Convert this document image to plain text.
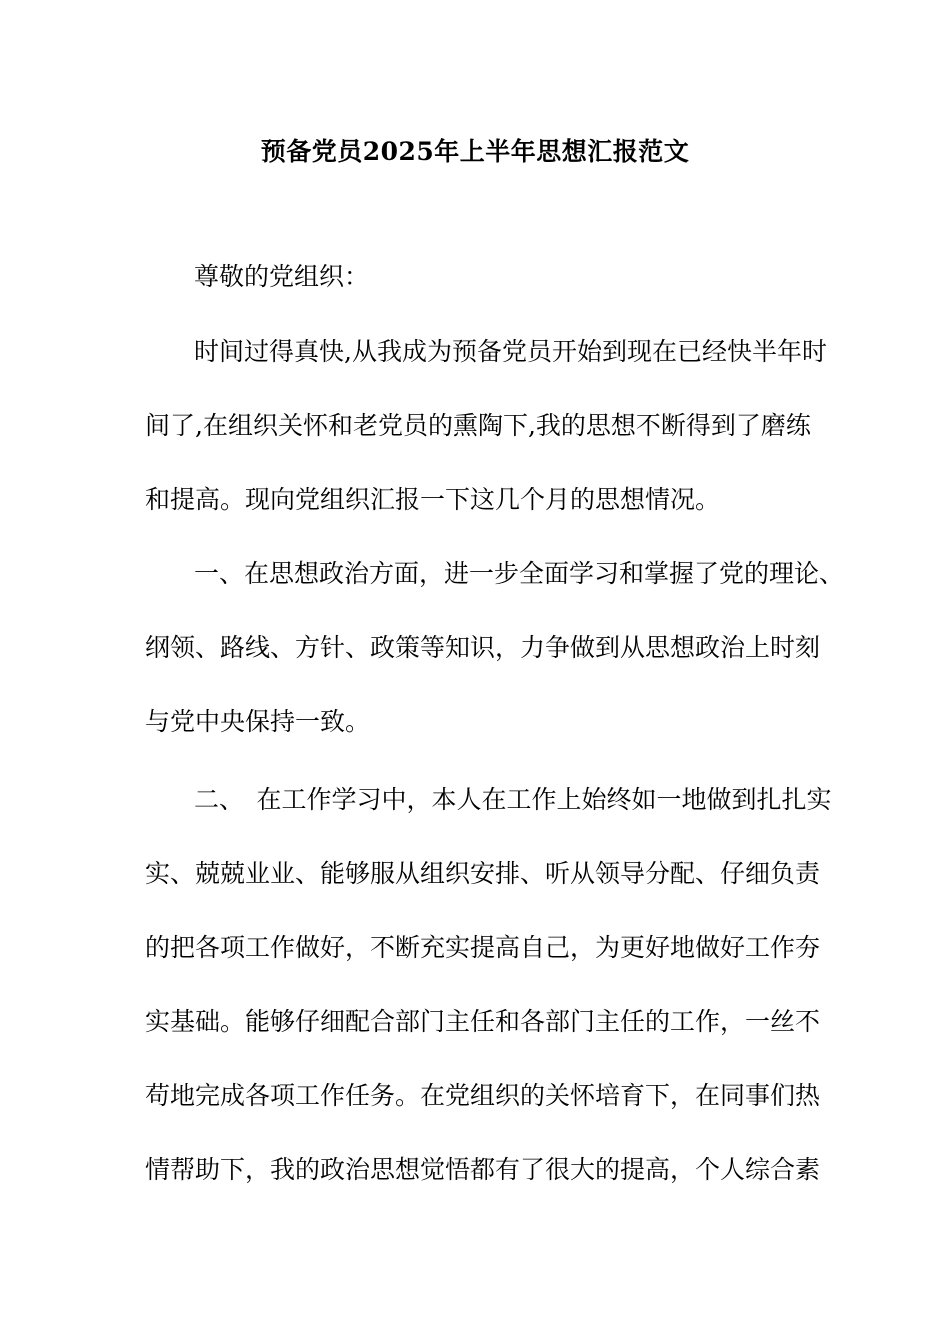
预备党员2025年上半年思想汇报范文
尊敬的党组织：
时间过得真快,从我成为预备党员开始到现在已经快半年时
间了,在组织关怀和老党员的熏陶下,我的思想不断得到了磨练
和提高。现向党组织汇报一下这几个月的思想情况。
一、在思想政治方面，进一步全面学习和掌握了党的理论、
纲领、路线、方针、政策等知识，力争做到从思想政治上时刻
与党中央保持一致。
二、　在工作学习中，本人在工作上始终如一地做到扎扎实
实、兢兢业业、能够服从组织安排、听从领导分配、仔细负责
的把各项工作做好，不断充实提高自己，为更好地做好工作夯
实基础。能够仔细配合部门主任和各部门主任的工作，一丝不
苟地完成各项工作任务。在党组织的关怀培育下，在同事们热
情帮助下，我的政治思想觉悟都有了很大的提高，个人综合素
